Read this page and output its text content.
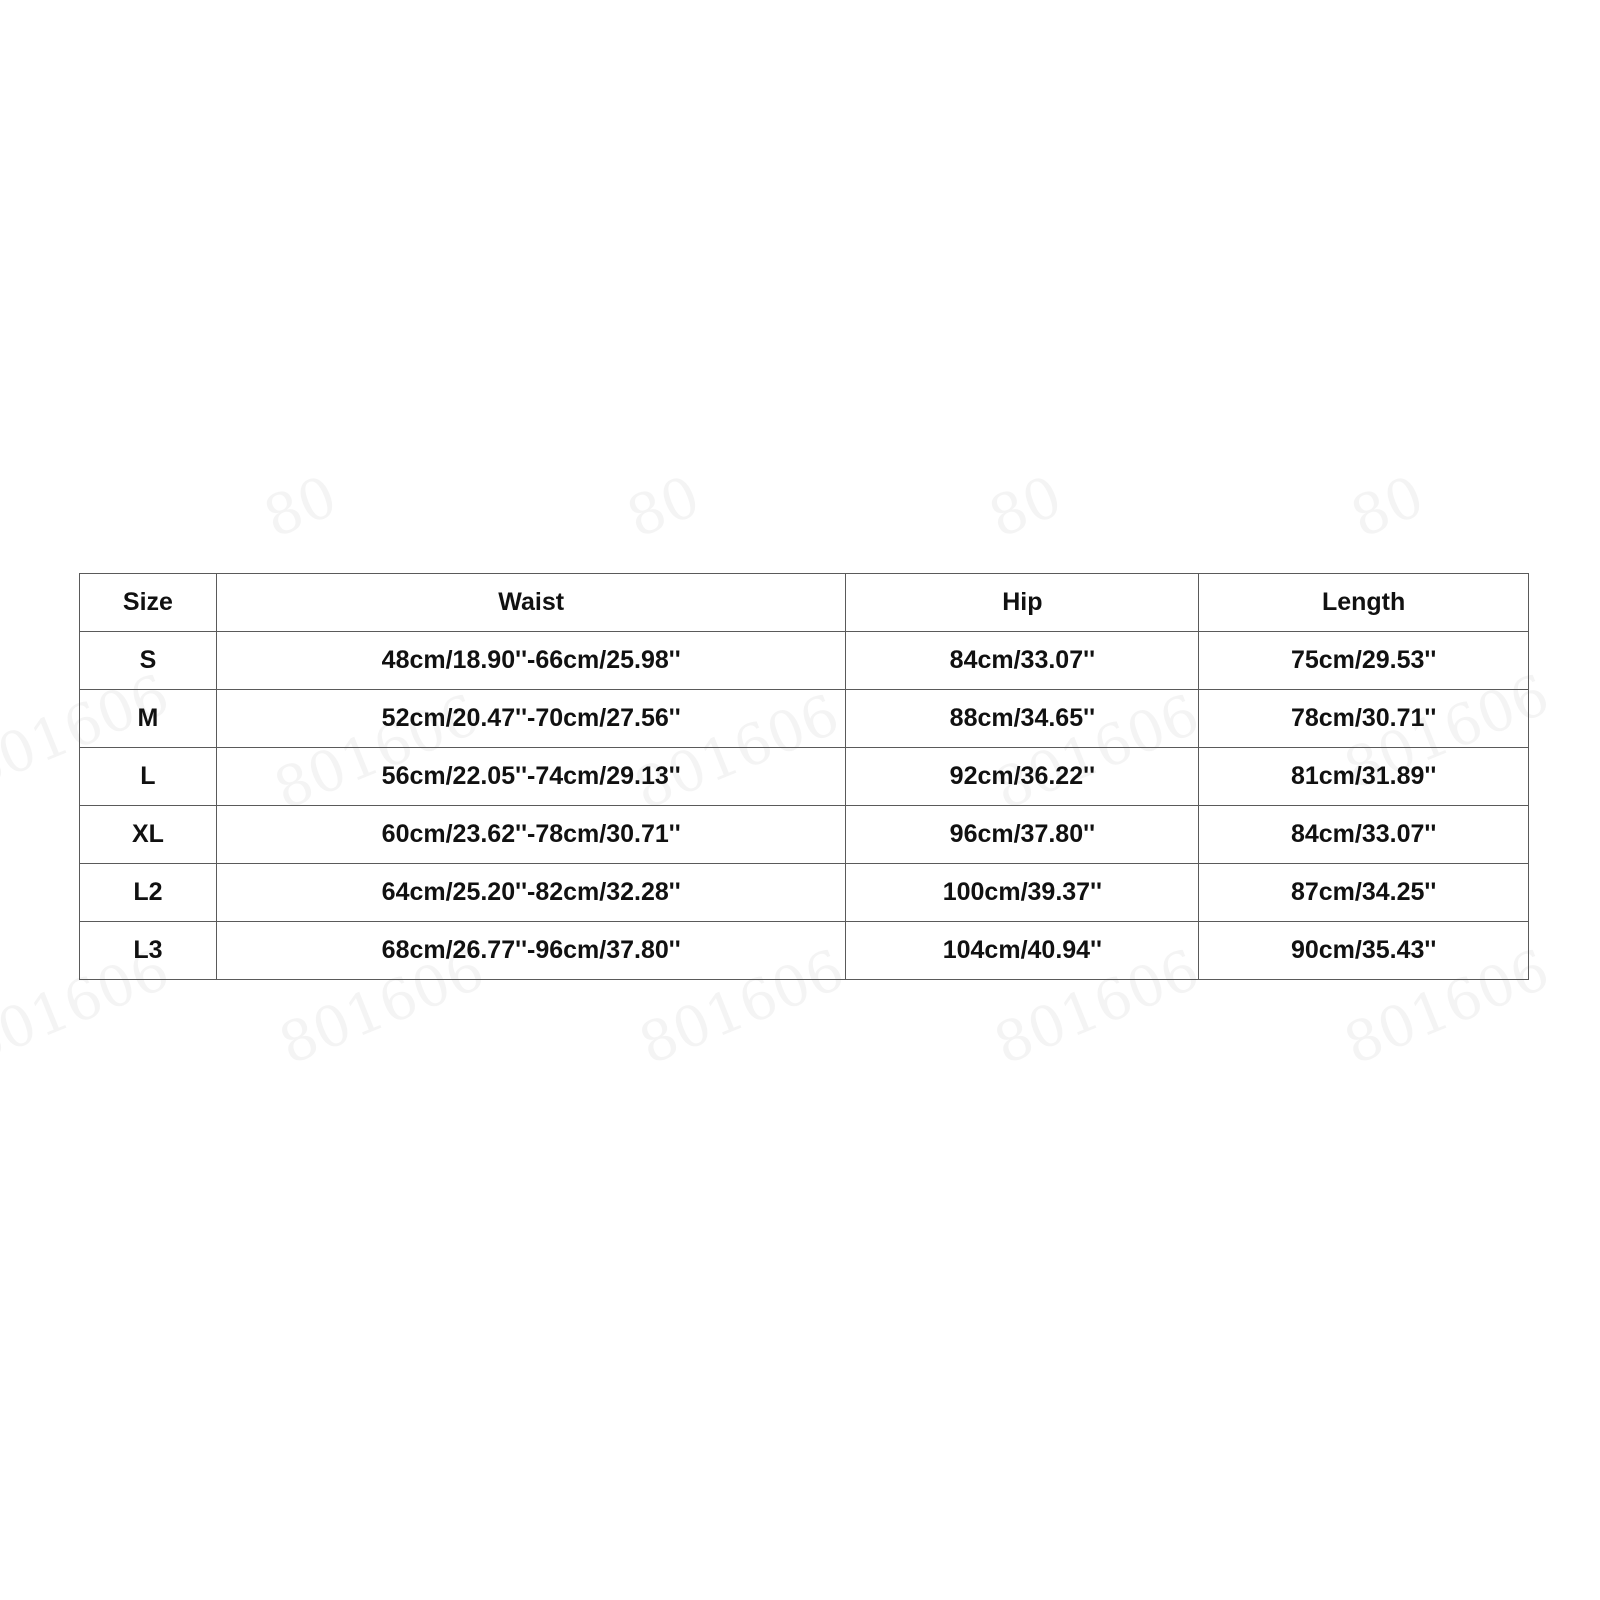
Size	Waist	Hip	Length
S	48cm/18.90''-66cm/25.98''	84cm/33.07''	75cm/29.53''
M	52cm/20.47''-70cm/27.56''	88cm/34.65''	78cm/30.71''
L	56cm/22.05''-74cm/29.13''	92cm/36.22''	81cm/31.89''
XL	60cm/23.62''-78cm/30.71''	96cm/37.80''	84cm/33.07''
L2	64cm/25.20''-82cm/32.28''	100cm/39.37''	87cm/34.25''
L3	68cm/26.77''-96cm/37.80''	104cm/40.94''	90cm/35.43''
